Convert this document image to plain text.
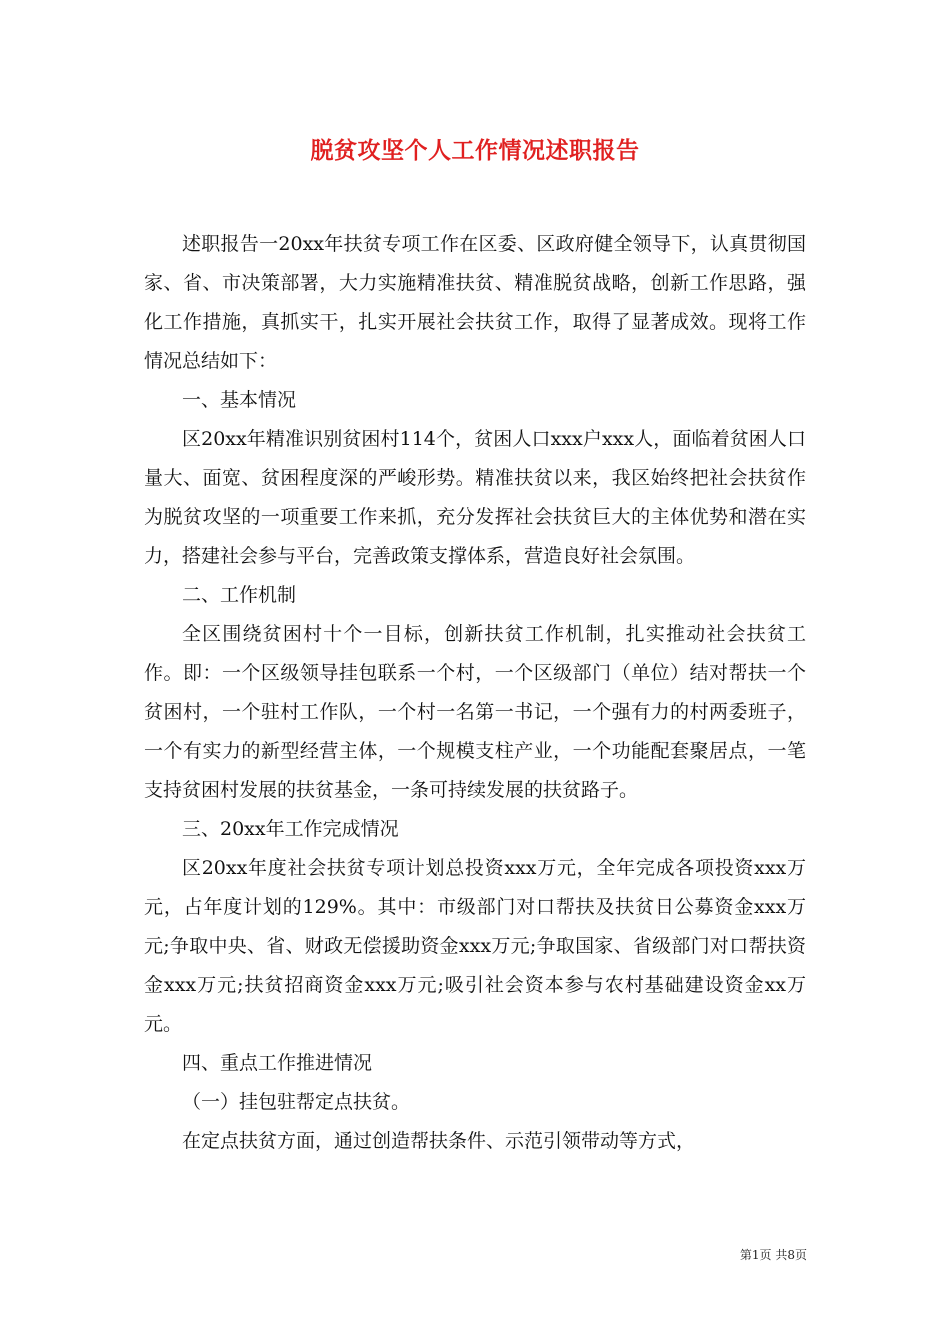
脱贫攻坚个人工作情况述职报告

述职报告一20xx年扶贫专项工作在区委、区政府健全领导下，认真贯彻国家、省、市决策部署，大力实施精准扶贫、精准脱贫战略，创新工作思路，强化工作措施，真抓实干，扎实开展社会扶贫工作，取得了显著成效。现将工作情况总结如下：

一、基本情况

区20xx年精准识别贫困村114个，贫困人口xxx户xxx人，面临着贫困人口量大、面宽、贫困程度深的严峻形势。精准扶贫以来，我区始终把社会扶贫作为脱贫攻坚的一项重要工作来抓，充分发挥社会扶贫巨大的主体优势和潜在实力，搭建社会参与平台，完善政策支撑体系，营造良好社会氛围。

二、工作机制

全区围绕贫困村十个一目标，创新扶贫工作机制，扎实推动社会扶贫工作。即：一个区级领导挂包联系一个村，一个区级部门（单位）结对帮扶一个贫困村，一个驻村工作队，一个村一名第一书记，一个强有力的村两委班子，一个有实力的新型经营主体，一个规模支柱产业，一个功能配套聚居点，一笔支持贫困村发展的扶贫基金，一条可持续发展的扶贫路子。

三、20xx年工作完成情况

区20xx年度社会扶贫专项计划总投资xxx万元，全年完成各项投资xxx万元，占年度计划的129%。其中：市级部门对口帮扶及扶贫日公募资金xxx万元;争取中央、省、财政无偿援助资金xxx万元;争取国家、省级部门对口帮扶资金xxx万元;扶贫招商资金xxx万元;吸引社会资本参与农村基础建设资金xx万元。

四、重点工作推进情况

（一）挂包驻帮定点扶贫。

在定点扶贫方面，通过创造帮扶条件、示范引领带动等方式，

第1页 共8页
